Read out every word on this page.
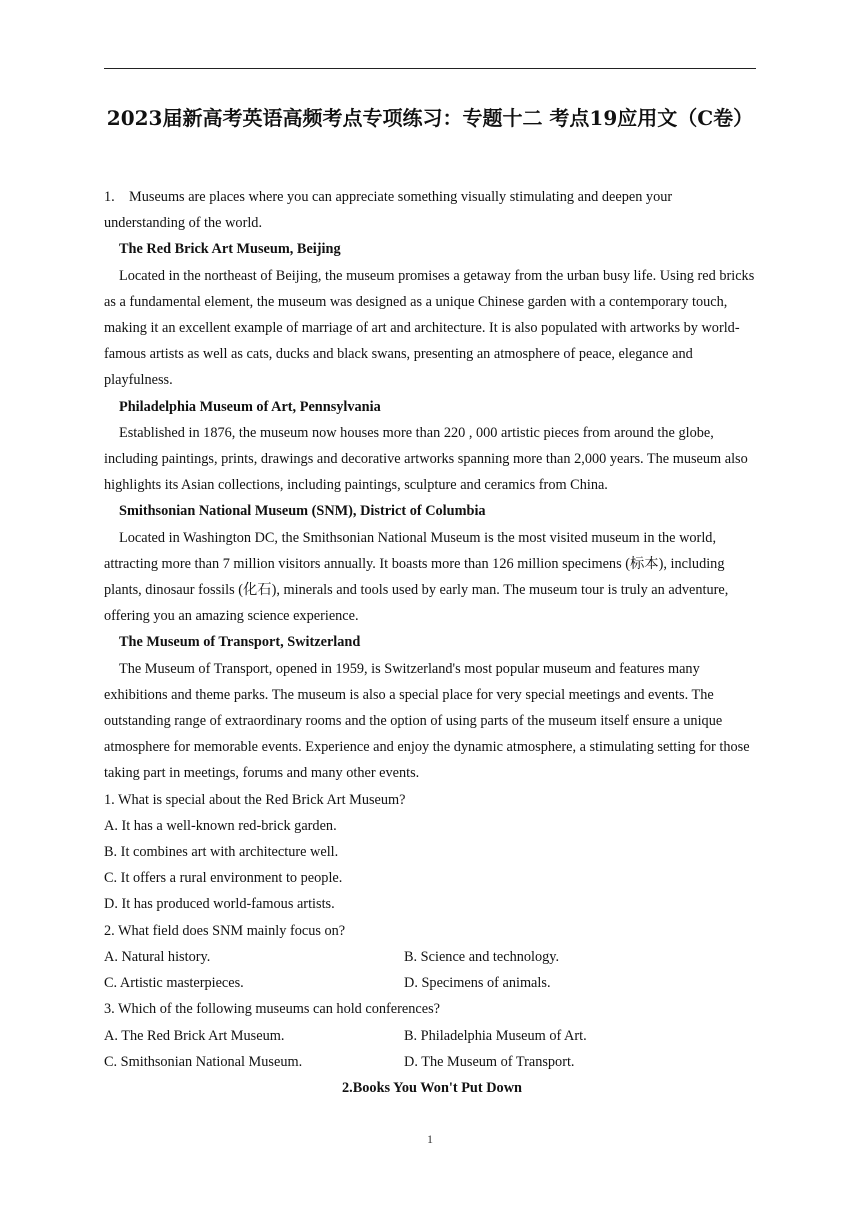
2023届新高考英语高频考点专项练习：专题十二 考点19应用文（C卷）

1.　Museums are places where you can appreciate something visually stimulating and deepen your
understanding of the world.

The Red Brick Art Museum, Beijing

Located in the northeast of Beijing, the museum promises a getaway from the urban busy life. Using red bricks as a fundamental element, the museum was designed as a unique Chinese garden with a contemporary touch, making it an excellent example of marriage of art and architecture. It is also populated with artworks by world-famous artists as well as cats, ducks and black swans, presenting an atmosphere of peace, elegance and playfulness.

Philadelphia Museum of Art, Pennsylvania

Established in 1876, the museum now houses more than 220 , 000 artistic pieces from around the globe, including paintings, prints, drawings and decorative artworks spanning more than 2,000 years. The museum also highlights its Asian collections, including paintings, sculpture and ceramics from China.

Smithsonian National Museum (SNM), District of Columbia

Located in Washington DC, the Smithsonian National Museum is the most visited museum in the world, attracting more than 7 million visitors annually. It boasts more than 126 million specimens (标本), including plants, dinosaur fossils (化石), minerals and tools used by early man. The museum tour is truly an adventure, offering you an amazing science experience.

The Museum of Transport, Switzerland

The Museum of Transport, opened in 1959, is Switzerland's most popular museum and features many exhibitions and theme parks. The museum is also a special place for very special meetings and events. The outstanding range of extraordinary rooms and the option of using parts of the museum itself ensure a unique atmosphere for memorable events. Experience and enjoy the dynamic atmosphere, a stimulating setting for those taking part in meetings, forums and many other events.

1. What is special about the Red Brick Art Museum?

A. It has a well-known red-brick garden.

B. It combines art with architecture well.

C. It offers a rural environment to people.

D. It has produced world-famous artists.

2. What field does SNM mainly focus on?

A. Natural history.	B. Science and technology.
C. Artistic masterpieces.	D. Specimens of animals.

3. Which of the following museums can hold conferences?

A. The Red Brick Art Museum.	B. Philadelphia Museum of Art.
C. Smithsonian National Museum.	D. The Museum of Transport.

2.Books You Won't Put Down

1
